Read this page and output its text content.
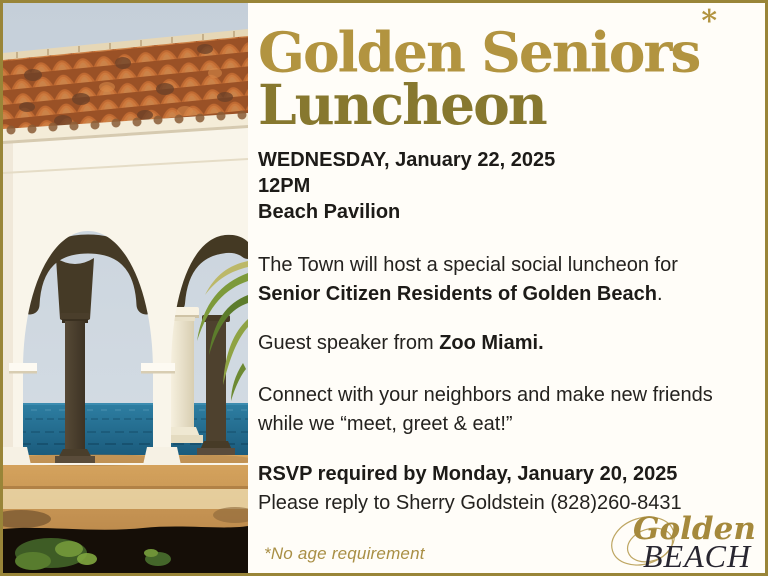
Golden Seniors*
Luncheon
WEDNESDAY, January 22, 2025
12PM
Beach Pavilion

The Town will host a special social luncheon for
Senior Citizen Residents of Golden Beach.

Guest speaker from Zoo Miami.

Connect with your neighbors and make new friends
while we “meet, greet & eat!”

RSVP required by Monday, January 20, 2025
Please reply to Sherry Goldstein (828)260-8431

*No age requirement
Golden
BEACH
